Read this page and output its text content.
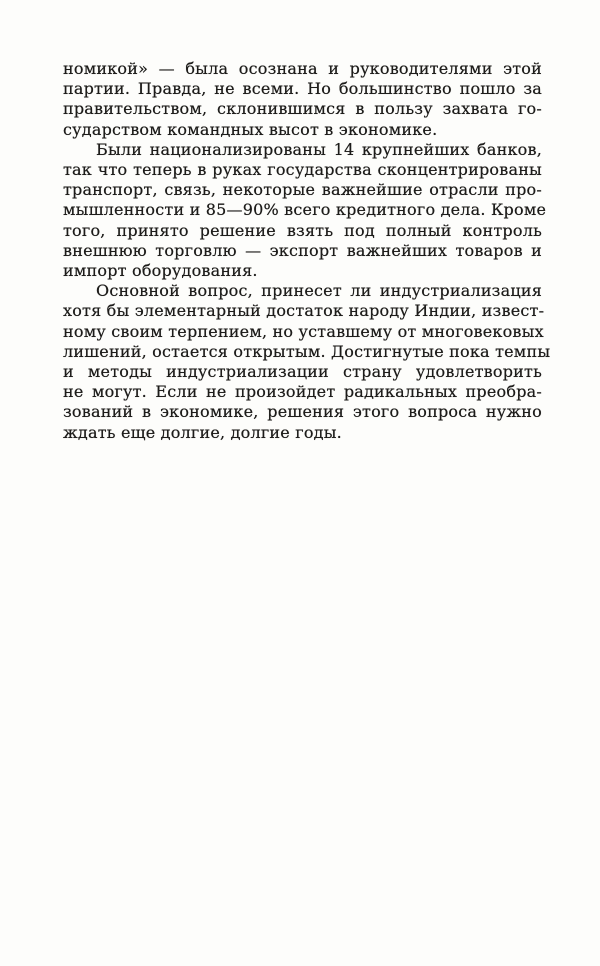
номикой» — была осознана и руководителями этой
партии. Правда, не всеми. Но большинство пошло за
правительством, склонившимся в пользу захвата го-
сударством командных высот в экономике.
Были национализированы 14 крупнейших банков,
так что теперь в руках государства сконцентрированы
транспорт, связь, некоторые важнейшие отрасли про-
мышленности и 85—90% всего кредитного дела. Кроме
того, принято решение взять под полный контроль
внешнюю торговлю — экспорт важнейших товаров и
импорт оборудования.
Основной вопрос, принесет ли индустриализация
хотя бы элементарный достаток народу Индии, извест-
ному своим терпением, но уставшему от многовековых
лишений, остается открытым. Достигнутые пока темпы
и методы индустриализации страну удовлетворить
не могут. Если не произойдет радикальных преобра-
зований в экономике, решения этого вопроса нужно
ждать еще долгие, долгие годы.
